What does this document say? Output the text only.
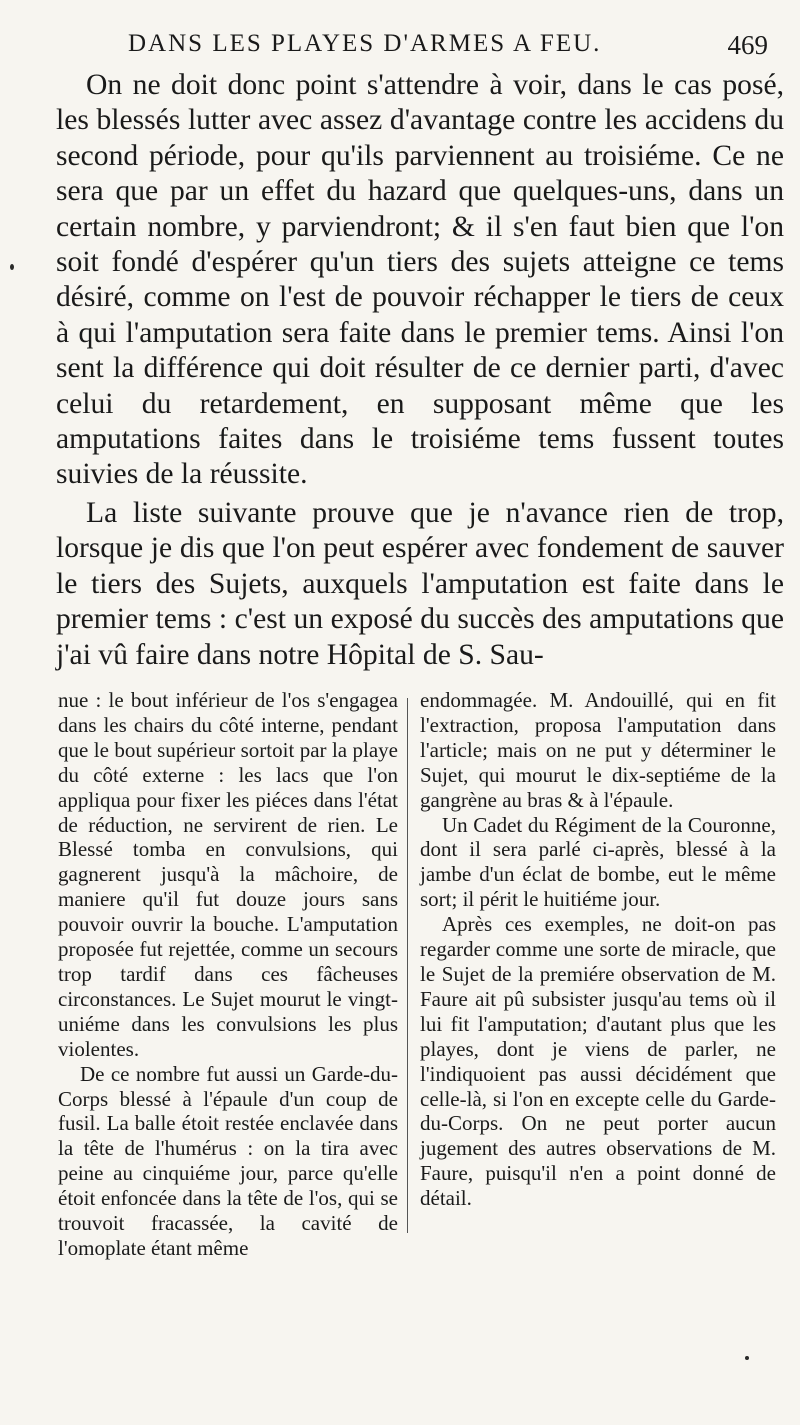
DANS LES PLAYES D'ARMES A FEU.	469

On ne doit donc point s'attendre à voir, dans le cas posé, les blessés lutter avec assez d'avantage contre les accidens du second période, pour qu'ils parviennent au troisiéme. Ce ne sera que par un effet du hazard que quelques-uns, dans un certain nombre, y parviendront; & il s'en faut bien que l'on soit fondé d'espérer qu'un tiers des sujets atteigne ce tems désiré, comme on l'est de pouvoir réchapper le tiers de ceux à qui l'amputation sera faite dans le premier tems. Ainsi l'on sent la différence qui doit résulter de ce dernier parti, d'avec celui du retardement, en supposant même que les amputations faites dans le troisiéme tems fussent toutes suivies de la réussite.

La liste suivante prouve que je n'avance rien de trop, lorsque je dis que l'on peut espérer avec fondement de sauver le tiers des Sujets, auxquels l'amputation est faite dans le premier tems : c'est un exposé du succès des amputations que j'ai vû faire dans notre Hôpital de S. Sau-

nue : le bout inférieur de l'os s'engagea dans les chairs du côté interne, pendant que le bout supérieur sortoit par la playe du côté externe : les lacs que l'on appliqua pour fixer les piéces dans l'état de réduction, ne servirent de rien. Le Blessé tomba en convulsions, qui gagnerent jusqu'à la mâchoire, de maniere qu'il fut douze jours sans pouvoir ouvrir la bouche. L'amputation proposée fut rejettée, comme un secours trop tardif dans ces fâcheuses circonstances. Le Sujet mourut le vingt-uniéme dans les convulsions les plus violentes.

De ce nombre fut aussi un Garde-du-Corps blessé à l'épaule d'un coup de fusil. La balle étoit restée enclavée dans la tête de l'humérus : on la tira avec peine au cinquiéme jour, parce qu'elle étoit enfoncée dans la tête de l'os, qui se trouvoit fracassée, la cavité de l'omoplate étant même

endommagée. M. Andouillé, qui en fit l'extraction, proposa l'amputation dans l'article; mais on ne put y déterminer le Sujet, qui mourut le dix-septiéme de la gangrène au bras & à l'épaule.

Un Cadet du Régiment de la Couronne, dont il sera parlé ci-après, blessé à la jambe d'un éclat de bombe, eut le même sort; il périt le huitiéme jour.

Après ces exemples, ne doit-on pas regarder comme une sorte de miracle, que le Sujet de la premiére observation de M. Faure ait pû subsister jusqu'au tems où il lui fit l'amputation; d'autant plus que les playes, dont je viens de parler, ne l'indiquoient pas aussi décidément que celle-là, si l'on en excepte celle du Garde-du-Corps. On ne peut porter aucun jugement des autres observations de M. Faure, puisqu'il n'en a point donné de détail.
